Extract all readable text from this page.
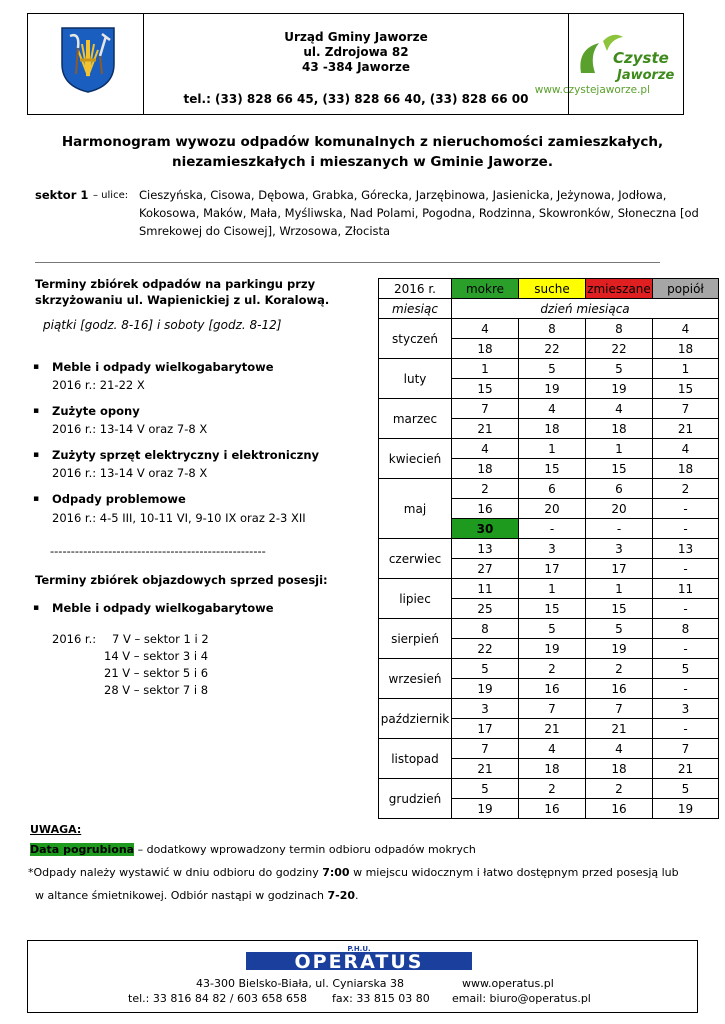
Urząd Gminy Jaworze
ul. Zdrojowa 82
43 -384 Jaworze
tel.: (33) 828 66 45, (33) 828 66 40, (33) 828 66 00
Czyste
Jaworze
www.czystejaworze.pl
Harmonogram wywozu odpadów komunalnych z nieruchomości zamieszkałych,
niezamieszkałych i mieszanych w Gminie Jaworze.
sektor 1 – ulice: Cieszyńska, Cisowa, Dębowa, Grabka, Górecka, Jarzębinowa, Jasienicka, Jeżynowa, Jodłowa,
Kokosowa, Maków, Mała, Myśliwska, Nad Polami, Pogodna, Rodzinna, Skowronków, Słoneczna [od
Smrekowej do Cisowej], Wrzosowa, Złocista
Terminy zbiórek odpadów na parkingu przy
skrzyżowaniu ul. Wapienickiej z ul. Koralową.
piątki [godz. 8-16] i soboty [godz. 8-12]
▪ Meble i odpady wielkogabarytowe
2016 r.: 21-22 X
▪ Zużyte opony
2016 r.: 13-14 V oraz 7-8 X
▪ Zużyty sprzęt elektryczny i elektroniczny
2016 r.: 13-14 V oraz 7-8 X
▪ Odpady problemowe
2016 r.: 4-5 III, 10-11 VI, 9-10 IX oraz 2-3 XII
----------------------------------------------------
Terminy zbiórek objazdowych sprzed posesji:
▪ Meble i odpady wielkogabarytowe
2016 r.: 7 V – sektor 1 i 2
14 V – sektor 3 i 4
21 V – sektor 5 i 6
28 V – sektor 7 i 8
2016 r.	mokre	suche	zmieszane	popiół
miesiąc	dzień miesiąca			
styczeń	4	8	8	4
	18	22	22	18
luty	1	5	5	1
	15	19	19	15
marzec	7	4	4	7
	21	18	18	21
kwiecień	4	1	1	4
	18	15	15	18
maj	2	6	6	2
	16	20	20	-
	30	-	-	-
czerwiec	13	3	3	13
	27	17	17	-
lipiec	11	1	1	11
	25	15	15	-
sierpień	8	5	5	8
	22	19	19	-
wrzesień	5	2	2	5
	19	16	16	-
październik	3	7	7	3
	17	21	21	-
listopad	7	4	4	7
	21	18	18	21
grudzień	5	2	2	5
	19	16	16	19
UWAGA:
Data pogrubiona – dodatkowy wprowadzony termin odbioru odpadów mokrych
*Odpady należy wystawić w dniu odbioru do godziny 7:00 w miejscu widocznym i łatwo dostępnym przed posesją lub
w altance śmietnikowej. Odbiór nastąpi w godzinach 7-20.
P.H.U.
OPERATUS
43-300 Bielsko-Biała, ul. Cyniarska 38	www.operatus.pl
tel.: 33 816 84 82 / 603 658 658 fax: 33 815 03 80 email: biuro@operatus.pl
